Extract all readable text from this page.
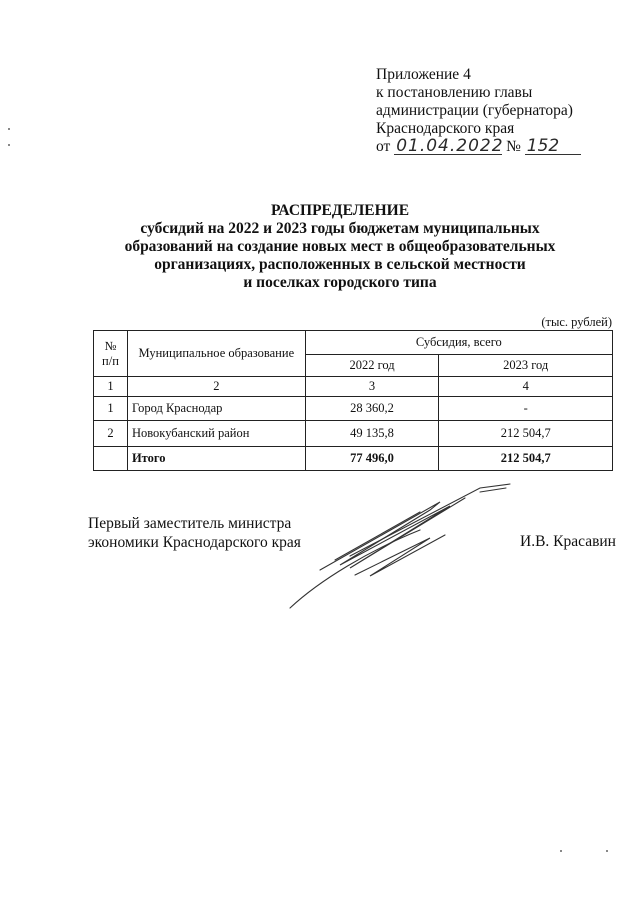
Приложение 4
к постановлению главы
администрации (губернатора)
Краснодарского края
от 01.04.2022 № 152
РАСПРЕДЕЛЕНИЕ
субсидий на 2022 и 2023 годы бюджетам муниципальных
образований на создание новых мест в общеобразовательных
организациях, расположенных в сельской местности
и поселках городского типа
(тыс. рублей)
№ п/п	Муниципальное образование	Субсидия, всего	
		2022 год	2023 год
1	2	3	4
1	Город Краснодар	28 360,2	-
2	Новокубанский район	49 135,8	212 504,7
	Итого	77 496,0	212 504,7
Первый заместитель министра
экономики Краснодарского края	И.В. Красавин
